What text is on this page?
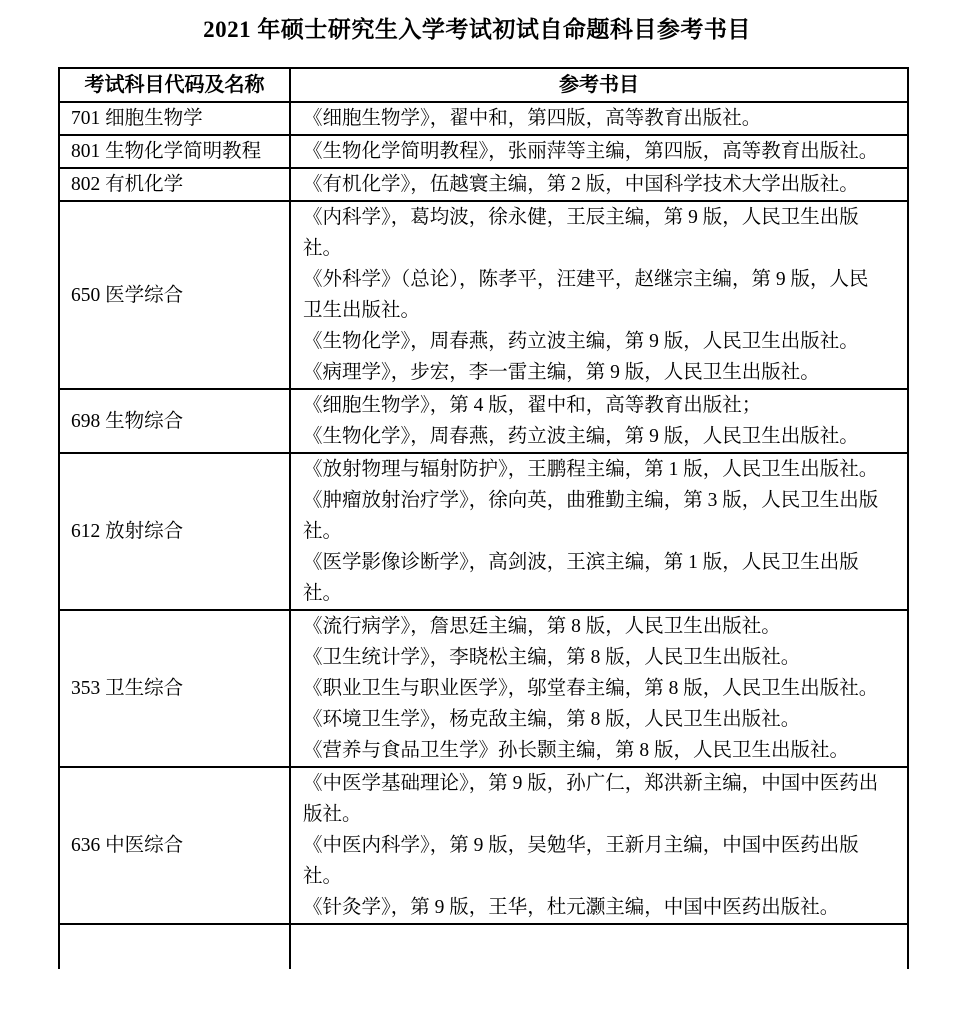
2021 年硕士研究生入学考试初试自命题科目参考书目
考试科目代码及名称	参考书目
701 细胞生物学	《细胞生物学》，翟中和，第四版，高等教育出版社。

801 生物化学简明教程	《生物化学简明教程》，张丽萍等主编，第四版，高等教育出版社。

802 有机化学	《有机化学》，伍越寰主编，第 2 版，中国科学技术大学出版社。

650 医学综合	《内科学》，葛均波，徐永健，王辰主编，第 9 版，人民卫生出版社。

《外科学》（总论），陈孝平，汪建平，赵继宗主编，第 9 版，人民卫生出版社。

《生物化学》，周春燕，药立波主编，第 9 版，人民卫生出版社。

《病理学》，步宏，李一雷主编，第 9 版，人民卫生出版社。

698 生物综合	《细胞生物学》，第 4 版，翟中和，高等教育出版社；

《生物化学》，周春燕，药立波主编，第 9 版，人民卫生出版社。

612 放射综合	《放射物理与辐射防护》，王鹏程主编，第 1 版，人民卫生出版社。

《肿瘤放射治疗学》，徐向英，曲雅勤主编，第 3 版，人民卫生出版社。

《医学影像诊断学》，高剑波，王滨主编，第 1 版，人民卫生出版社。

353 卫生综合	《流行病学》，詹思廷主编，第 8 版，人民卫生出版社。

《卫生统计学》，李晓松主编，第 8 版，人民卫生出版社。

《职业卫生与职业医学》，邬堂春主编，第 8 版，人民卫生出版社。

《环境卫生学》，杨克敌主编，第 8 版，人民卫生出版社。

《营养与食品卫生学》孙长颢主编，第 8 版，人民卫生出版社。

636 中医综合	《中医学基础理论》，第 9 版，孙广仁，郑洪新主编，中国中医药出版社。

《中医内科学》，第 9 版，吴勉华，王新月主编，中国中医药出版社。

《针灸学》，第 9 版，王华，杜元灏主编，中国中医药出版社。
